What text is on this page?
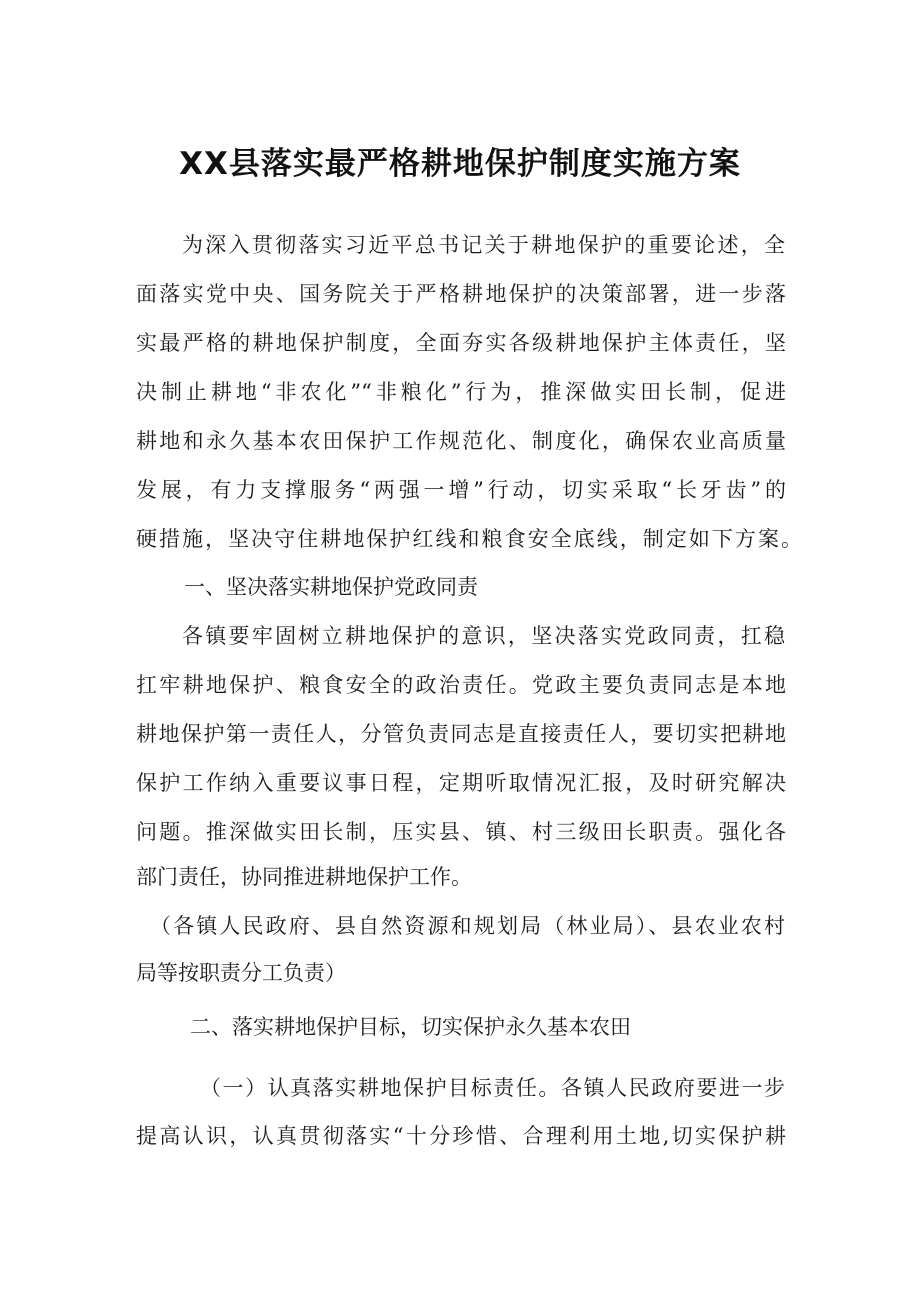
XX县落实最严格耕地保护制度实施方案
为深入贯彻落实习近平总书记关于耕地保护的重要论述，全
面落实党中央、国务院关于严格耕地保护的决策部署，进一步落
实最严格的耕地保护制度，全面夯实各级耕地保护主体责任，坚
决制止耕地“非农化”“非粮化”行为，推深做实田长制，促进
耕地和永久基本农田保护工作规范化、制度化，确保农业高质量
发展，有力支撑服务“两强一增”行动，切实采取“长牙齿”的
硬措施，坚决守住耕地保护红线和粮食安全底线，制定如下方案。
一、坚决落实耕地保护党政同责
各镇要牢固树立耕地保护的意识，坚决落实党政同责，扛稳
扛牢耕地保护、粮食安全的政治责任。党政主要负责同志是本地
耕地保护第一责任人，分管负责同志是直接责任人，要切实把耕地
保护工作纳入重要议事日程，定期听取情况汇报，及时研究解决
问题。推深做实田长制，压实县、镇、村三级田长职责。强化各
部门责任，协同推进耕地保护工作。
（各镇人民政府、县自然资源和规划局（林业局）、县农业农村
局等按职责分工负责）
二、落实耕地保护目标，切实保护永久基本农田
（一）认真落实耕地保护目标责任。各镇人民政府要进一步
提高认识，认真贯彻落实“十分珍惜、合理利用土地,切实保护耕
